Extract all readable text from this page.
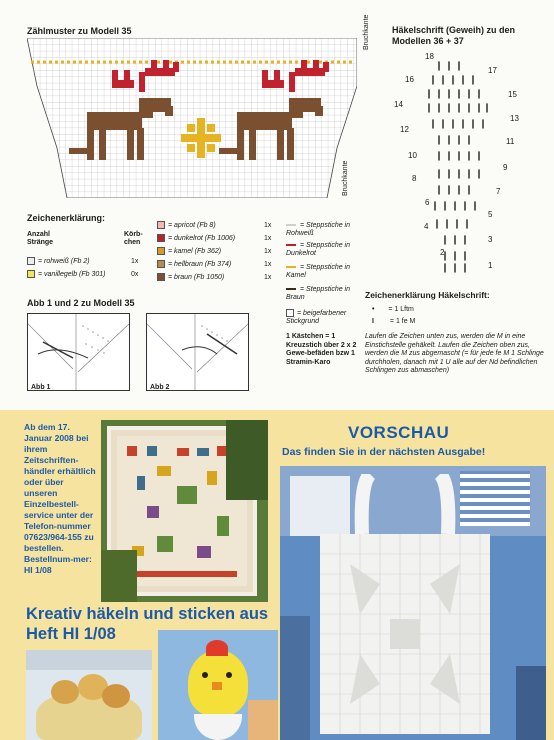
Zählmuster zu Modell 35	Bruchkante
Bruchkante
Zeichenerklärung:
Anzahl Stränge
Körb-chen
= rohweiß (Fb 2)	1x
= vanillegelb (Fb 301)	0x
= apricot (Fb 8)	1x
= dunkelrot (Fb 1006)	1x
= kamel (Fb 362)	1x
= hellbraun (Fb 374)	1x
= braun (Fb 1050)	1x
= Steppstiche in Rohweiß
= Steppstiche in Dunkelrot
= Steppstiche in Kamel
= Steppstiche in Braun
= beigefarbener Stickgrund
1 Kästchen = 1 Kreuzstich über 2 x 2 Gewe-befäden bzw 1 Stramin-Karo
Abb 1 und 2 zu Modell 35
Abb 1	Abb 2
Häkelschrift (Geweih) zu den Modellen 36 + 37
18
17
16
15
14
13
12
11
10
9
8
7
6
5
4
3
2
1
Zeichenerklärung Häkelschrift:
• = 1 Lftm
I = 1 fe M
Laufen die Zeichen unten zus, werden die M in eine Einstichstelle gehäkelt. Laufen die Zeichen oben zus, werden die M zus abgemascht (= für jede fe M 1 Schlinge durchholen, danach mit 1 U alle auf der Nd befindlichen Schlingen zus abmaschen)
Ab dem 17. Januar 2008 bei ihrem Zeitschriften-händler erhältlich oder über unseren Einzelbestell-service unter der Telefon-nummer 07623/964-155 zu bestellen. Bestellnum-mer: HI 1/08
VORSCHAU
Das finden Sie in der nächsten Ausgabe!
Kreativ häkeln und sticken aus Heft HI 1/08
